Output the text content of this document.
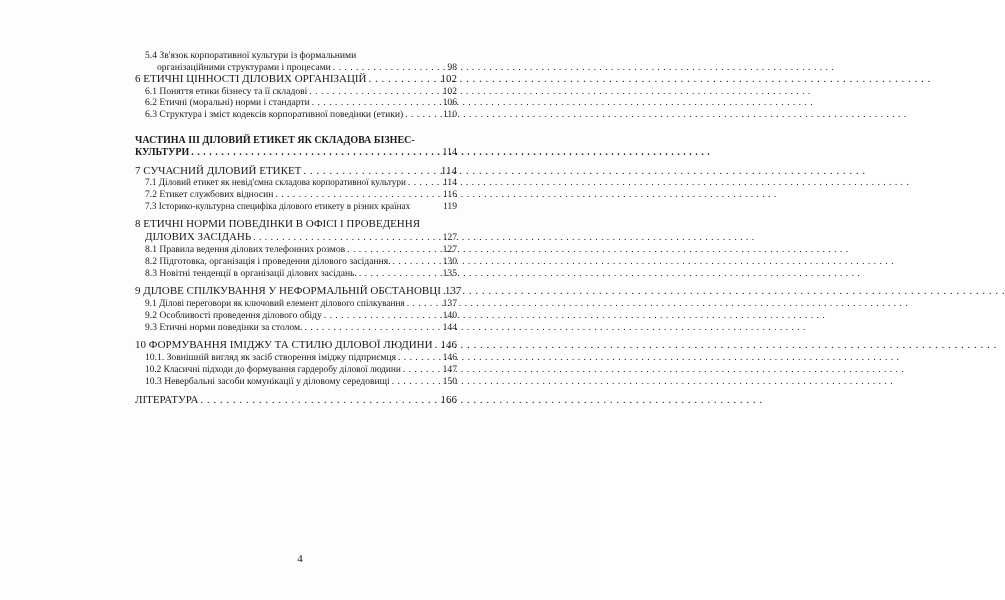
5.4 Зв'язок корпоративної культури із формальними
організаційними структурами і процесами . . .	98
6 ЕТИЧНІ ЦІННОСТІ ДІЛОВИХ ОРГАНІЗАЦІЙ . . .	102
6.1 Поняття етики бізнесу та її складові . . .	102
6.2 Етичні (моральні) норми і стандарти . . .	106
6.3 Структура і зміст кодексів корпоративної поведінки (етики) . . .	110
ЧАСТИНА ІІІ ДІЛОВИЙ ЕТИКЕТ ЯК СКЛАДОВА БІЗНЕС-
КУЛЬТУРИ . . .	114
7 СУЧАСНИЙ ДІЛОВИЙ ЕТИКЕТ . . .	114
7.1 Діловий етикет як невід'ємна складова корпоративної культури . . .	114
7.2 Етикет службових відносин . . .	116
7.3 Історико-культурна специфіка ділового етикету в різних країнах	119
8 ЕТИЧНІ НОРМИ ПОВЕДІНКИ В ОФІСІ І ПРОВЕДЕННЯ
ДІЛОВИХ ЗАСІДАНЬ . . .	127
8.1 Правила ведення ділових телефонних розмов . . .	127
8.2 Підготовка, організація і проведення ділового засідання. . . .	130
8.3 Новітні тенденції в організації ділових засідань. . . .	135
9 ДІЛОВЕ СПІЛКУВАННЯ У НЕФОРМАЛЬНІЙ ОБСТАНОВЦІ 137
9.1 Ділові переговори як ключовий елемент ділового спілкування . . .	137
9.2 Особливості проведення ділового обіду . . .	140
9.3 Етичні норми поведінки за столом. . . .	144
10 ФОРМУВАННЯ ІМІДЖУ ТА СТИЛЮ ДІЛОВОЇ ЛЮДИНИ . . . 146
10.1. Зовнішній вигляд як засіб створення іміджу підприємця . . .	146
10.2 Класичні підходи до формування гардеробу ділової людини . . .	147
10.3 Невербальні засоби комунікації у діловому середовищі . . .	150
ЛІТЕРАТУРА . . .	166
4
